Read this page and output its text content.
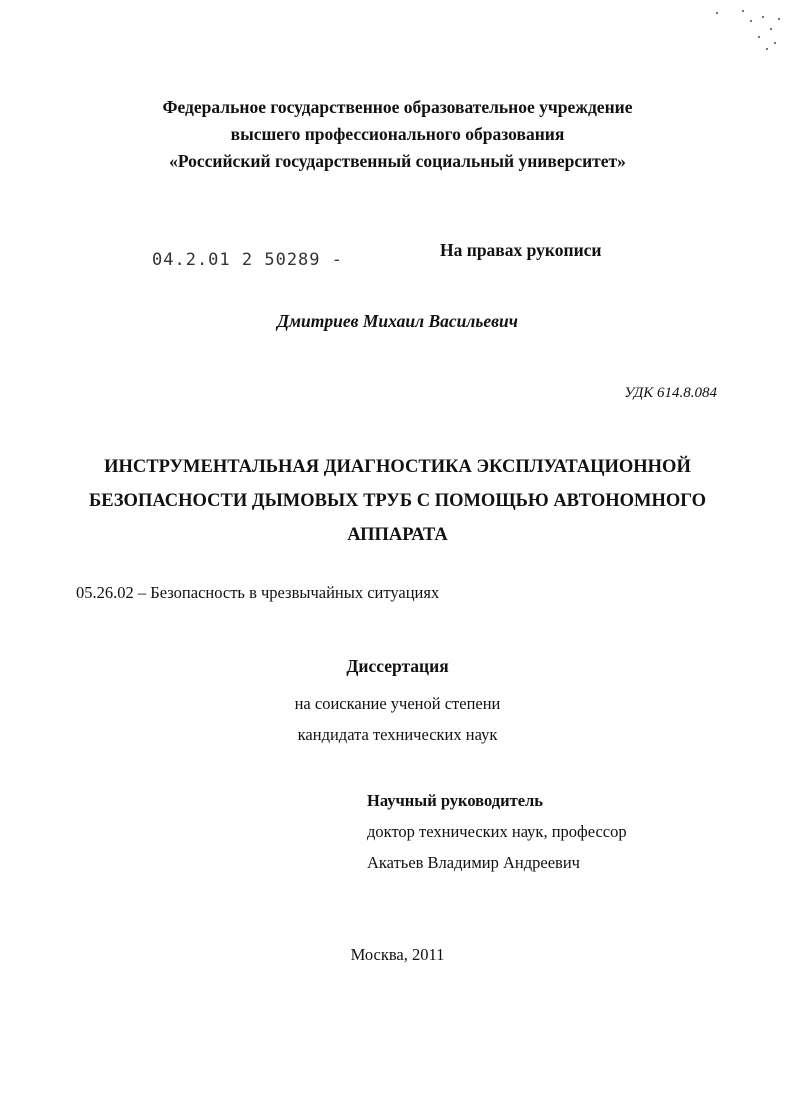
Федеральное государственное образовательное учреждение
высшего профессионального образования
«Российский государственный социальный университет»
04.2.01 2 50289 -	На правах рукописи
Дмитриев Михаил Васильевич
УДК 614.8.084
ИНСТРУМЕНТАЛЬНАЯ ДИАГНОСТИКА ЭКСПЛУАТАЦИОННОЙ
БЕЗОПАСНОСТИ ДЫМОВЫХ ТРУБ С ПОМОЩЬЮ АВТОНОМНОГО
АППАРАТА
05.26.02 – Безопасность в чрезвычайных ситуациях
Диссертация
на соискание ученой степени
кандидата технических наук
Научный руководитель
доктор технических наук, профессор
Акатьев Владимир Андреевич
Москва, 2011
